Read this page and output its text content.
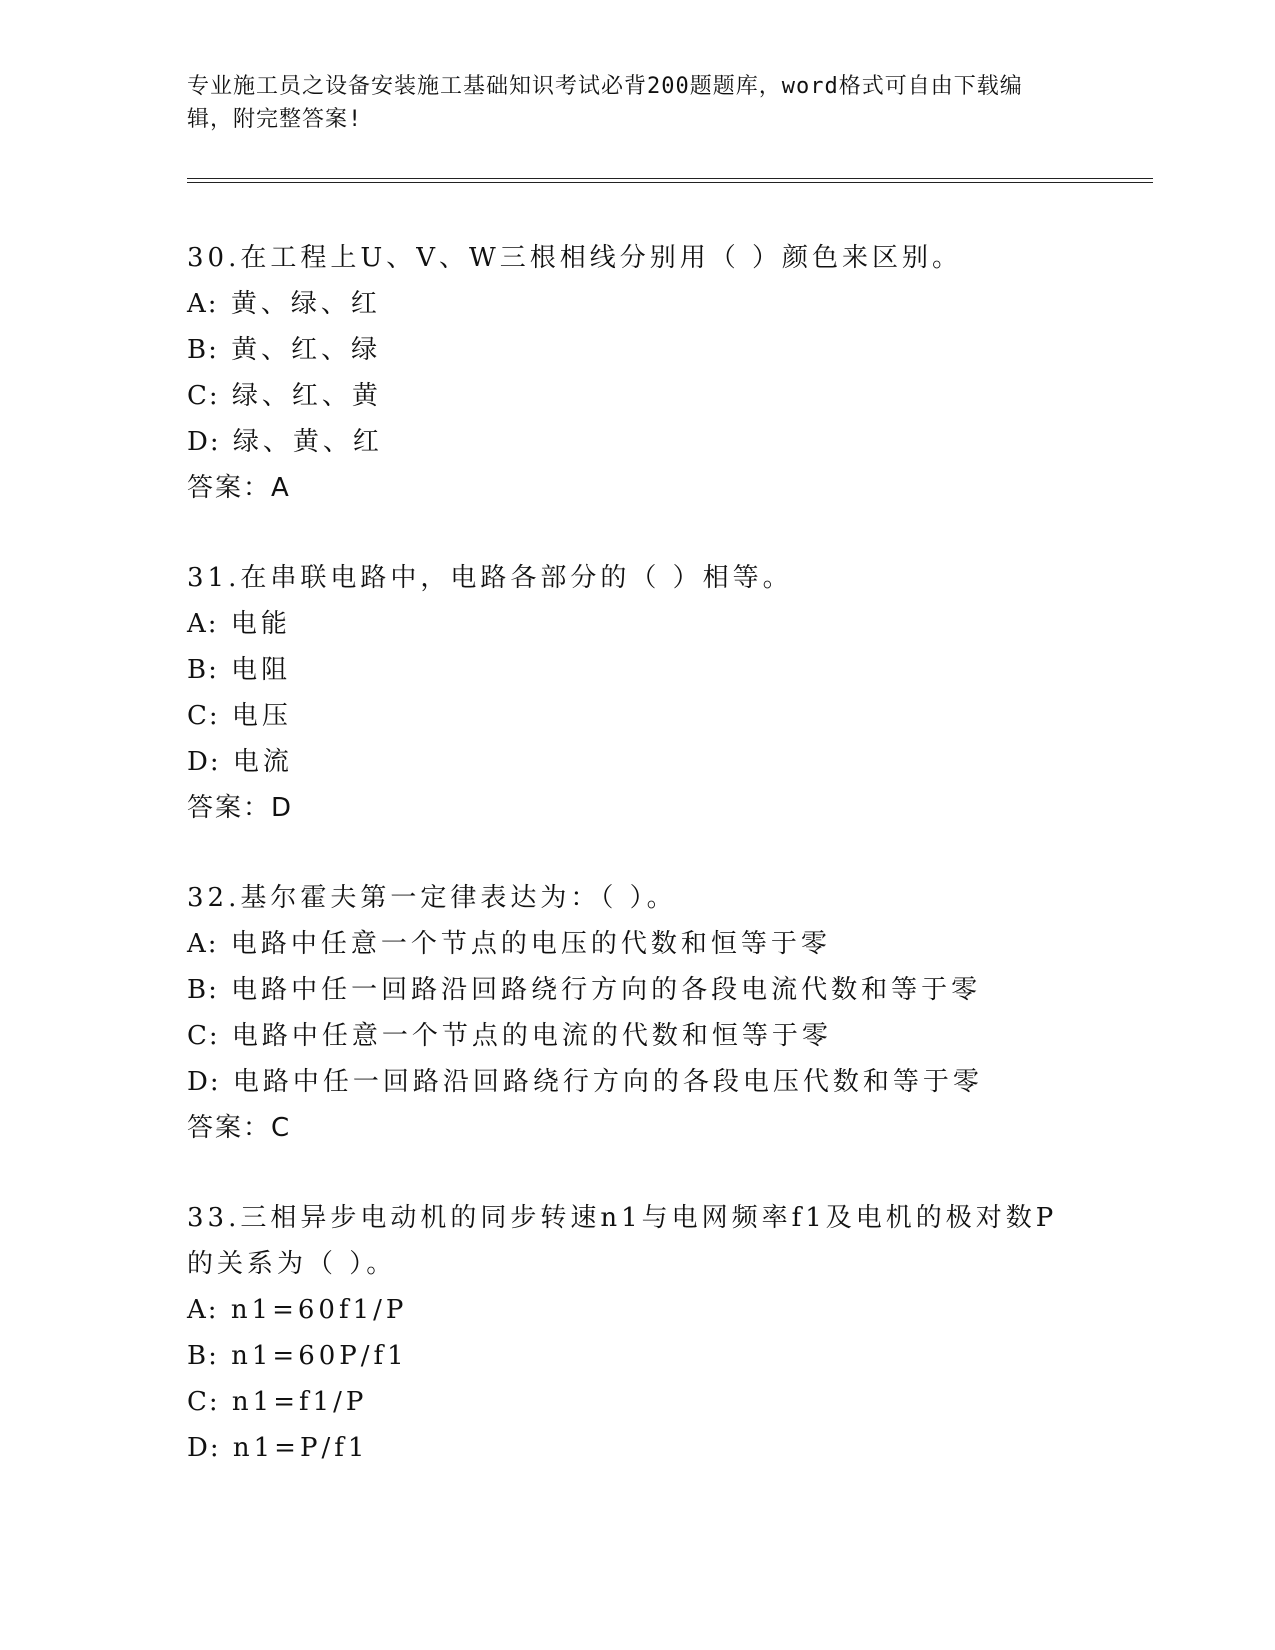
专业施工员之设备安装施工基础知识考试必背200题题库，word格式可自由下载编辑，附完整答案!

30.在工程上U、V、W三根相线分别用（ ）颜色来区别。

A: 黄、绿、红

B: 黄、红、绿

C: 绿、红、黄

D: 绿、黄、红

答案：A

31.在串联电路中，电路各部分的（ ）相等。

A: 电能

B: 电阻

C: 电压

D: 电流

答案：D

32.基尔霍夫第一定律表达为：（ ）。

A: 电路中任意一个节点的电压的代数和恒等于零

B: 电路中任一回路沿回路绕行方向的各段电流代数和等于零

C: 电路中任意一个节点的电流的代数和恒等于零

D: 电路中任一回路沿回路绕行方向的各段电压代数和等于零

答案：C

33.三相异步电动机的同步转速n1与电网频率f1及电机的极对数P的关系为（ ）。

A: n1=60f1/P

B: n1=60P/f1

C: n1=f1/P

D: n1=P/f1
